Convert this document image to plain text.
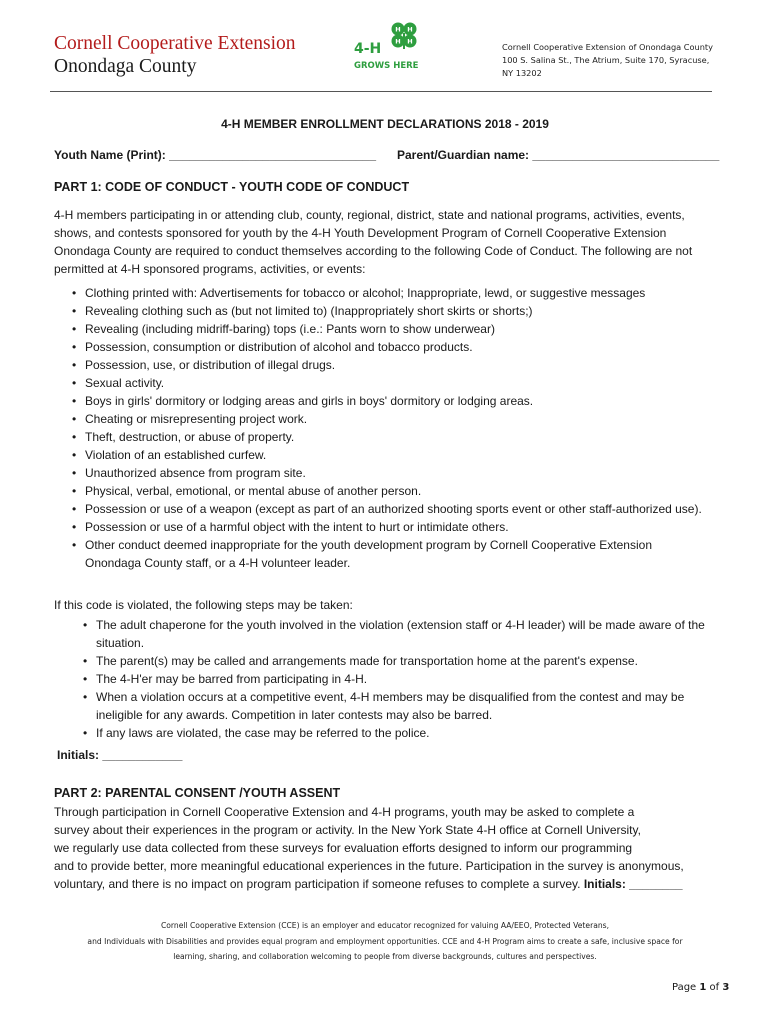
Cornell Cooperative Extension
Onondaga County
H H
H H
4-H
GROWS HERE
Cornell Cooperative Extension of Onondaga County
100 S. Salina St., The Atrium, Suite 170, Syracuse,
NY 13202
4-H MEMBER ENROLLMENT DECLARATIONS 2018 - 2019
Youth Name (Print): _______________________________ Parent/Guardian name: ____________________________
PART 1: CODE OF CONDUCT - YOUTH CODE OF CONDUCT
4-H members participating in or attending club, county, regional, district, state and national programs, activities, events,
shows, and contests sponsored for youth by the 4-H Youth Development Program of Cornell Cooperative Extension
Onondaga County are required to conduct themselves according to the following Code of Conduct. The following are not
permitted at 4-H sponsored programs, activities, or events:
• Clothing printed with: Advertisements for tobacco or alcohol; Inappropriate, lewd, or suggestive messages
• Revealing clothing such as (but not limited to) (Inappropriately short skirts or shorts;)
• Revealing (including midriff-baring) tops (i.e.: Pants worn to show underwear)
• Possession, consumption or distribution of alcohol and tobacco products.
• Possession, use, or distribution of illegal drugs.
• Sexual activity.
• Boys in girls' dormitory or lodging areas and girls in boys' dormitory or lodging areas.
• Cheating or misrepresenting project work.
• Theft, destruction, or abuse of property.
• Violation of an established curfew.
• Unauthorized absence from program site.
• Physical, verbal, emotional, or mental abuse of another person.
• Possession or use of a weapon (except as part of an authorized shooting sports event or other staff-authorized use).
• Possession or use of a harmful object with the intent to hurt or intimidate others.
• Other conduct deemed inappropriate for the youth development program by Cornell Cooperative Extension Onondaga County staff, or a 4-H volunteer leader.
If this code is violated, the following steps may be taken:
• The adult chaperone for the youth involved in the violation (extension staff or 4-H leader) will be made aware of the situation.
• The parent(s) may be called and arrangements made for transportation home at the parent's expense.
• The 4-H'er may be barred from participating in 4-H.
• When a violation occurs at a competitive event, 4-H members may be disqualified from the contest and may be ineligible for any awards. Competition in later contests may also be barred.
• If any laws are violated, the case may be referred to the police.
Initials: ____________
PART 2: PARENTAL CONSENT /YOUTH ASSENT
Through participation in Cornell Cooperative Extension and 4-H programs, youth may be asked to complete a
survey about their experiences in the program or activity. In the New York State 4-H office at Cornell University,
we regularly use data collected from these surveys for evaluation efforts designed to inform our programming
and to provide better, more meaningful educational experiences in the future. Participation in the survey is anonymous,
voluntary, and there is no impact on program participation if someone refuses to complete a survey. Initials: ________
Cornell Cooperative Extension (CCE) is an employer and educator recognized for valuing AA/EEO, Protected Veterans,
and Individuals with Disabilities and provides equal program and employment opportunities. CCE and 4-H Program aims to create a safe, inclusive space for
learning, sharing, and collaboration welcoming to people from diverse backgrounds, cultures and perspectives.
Page 1 of 3
